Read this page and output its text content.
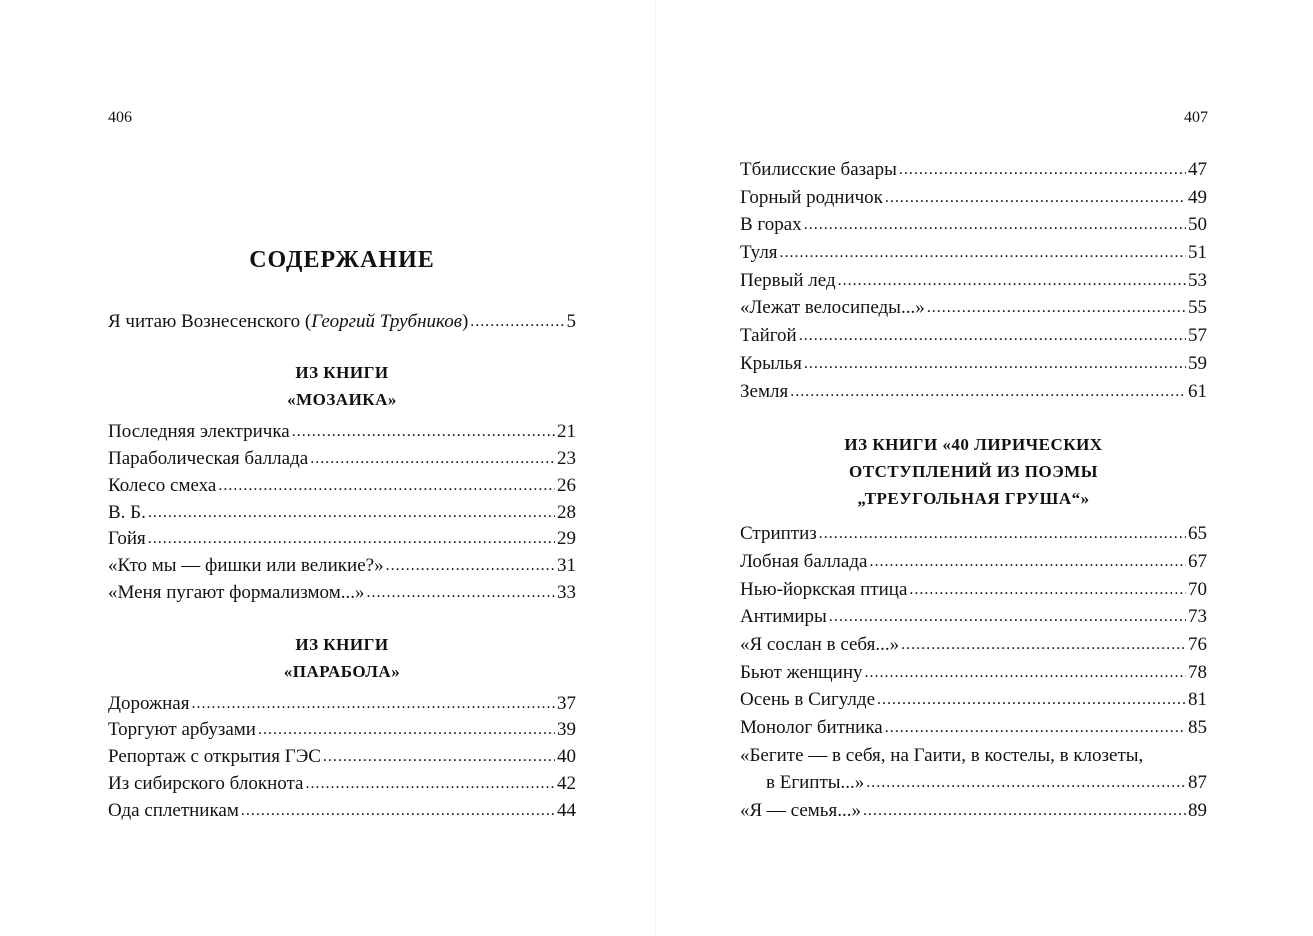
406
СОДЕРЖАНИЕ
Я читаю Вознесенского (Георгий Трубников) . . .	5
ИЗ КНИГИ
«МОЗАИКА»
Последняя электричка . . .	21
Параболическая баллада . . .	23
Колесо смеха . . .	26
В. Б. . . .	28
Гойя . . .	29
«Кто мы — фишки или великие?» . . .	31
«Меня пугают формализмом...» . . .	33
ИЗ КНИГИ
«ПАРАБОЛА»
Дорожная . . .	37
Торгуют арбузами . . .	39
Репортаж с открытия ГЭС . . .	40
Из сибирского блокнота . . .	42
Ода сплетникам . . .	44
407
Тбилисские базары . . .	47
Горный родничок . . .	49
В горах . . .	50
Туля . . .	51
Первый лед . . .	53
«Лежат велосипеды...» . . .	55
Тайгой . . .	57
Крылья . . .	59
Земля . . .	61
ИЗ КНИГИ «40 ЛИРИЧЕСКИХ
ОТСТУПЛЕНИЙ ИЗ ПОЭМЫ
„ТРЕУГОЛЬНАЯ ГРУША“»
Стриптиз . . .	65
Лобная баллада . . .	67
Нью-йоркская птица . . .	70
Антимиры . . .	73
«Я сослан в себя...» . . .	76
Бьют женщину . . .	78
Осень в Сигулде . . .	81
Монолог битника . . .	85
«Бегите — в себя, на Гаити, в костелы, в клозеты,
в Египты...» . . .	87
«Я — семья...» . . .	89
